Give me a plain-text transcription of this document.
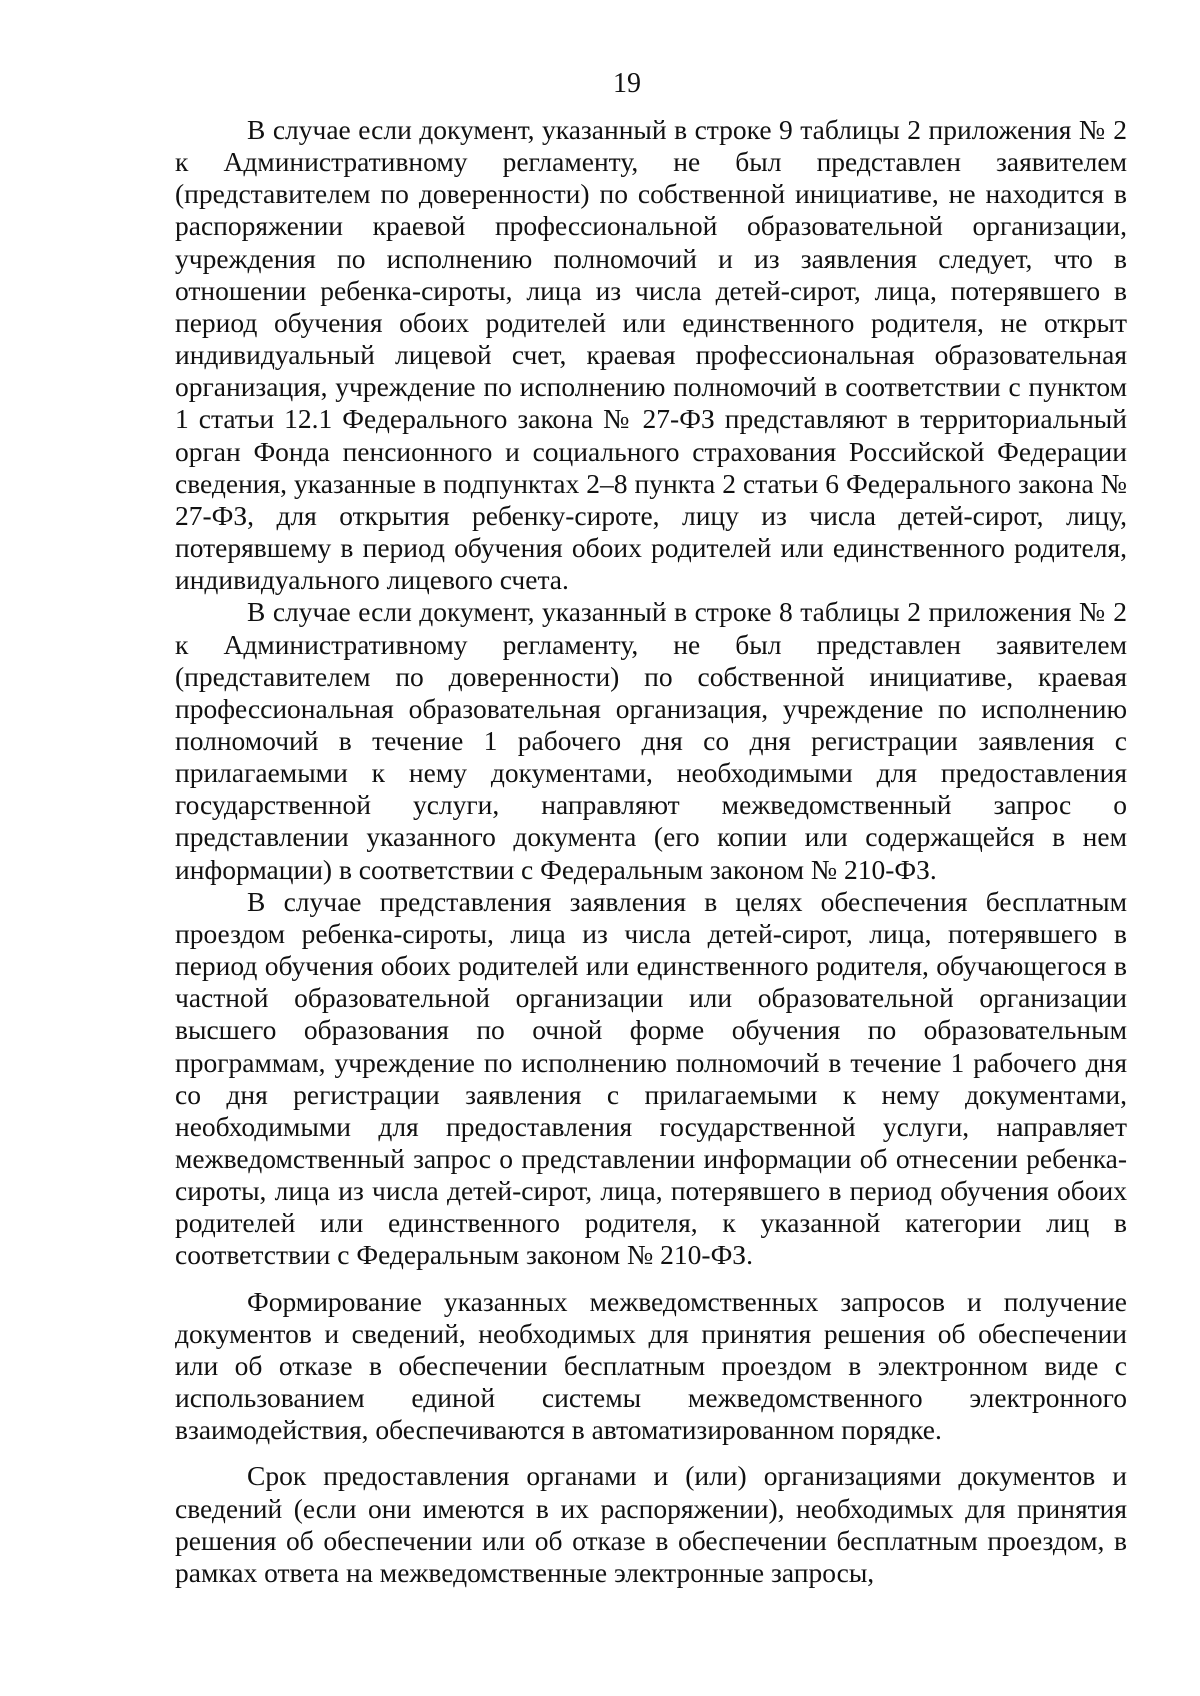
19

В случае если документ, указанный в строке 9 таблицы 2 приложения № 2 к Административному регламенту, не был представлен заявителем (представителем по доверенности) по собственной инициативе, не находится в распоряжении краевой профессиональной образовательной организации, учреждения по исполнению полномочий и из заявления следует, что в отношении ребенка-сироты, лица из числа детей-сирот, лица, потерявшего в период обучения обоих родителей или единственного родителя, не открыт индивидуальный лицевой счет, краевая профессиональная образовательная организация, учреждение по исполнению полномочий в соответствии с пунктом 1 статьи 12.1 Федерального закона № 27-ФЗ представляют в территориальный орган Фонда пенсионного и социального страхования Российской Федерации сведения, указанные в подпунктах 2–8 пункта 2 статьи 6 Федерального закона № 27-ФЗ, для открытия ребенку-сироте, лицу из числа детей-сирот, лицу, потерявшему в период обучения обоих родителей или единственного родителя, индивидуального лицевого счета.

В случае если документ, указанный в строке 8 таблицы 2 приложения № 2 к Административному регламенту, не был представлен заявителем (представителем по доверенности) по собственной инициативе, краевая профессиональная образовательная организация, учреждение по исполнению полномочий в течение 1 рабочего дня со дня регистрации заявления с прилагаемыми к нему документами, необходимыми для предоставления государственной услуги, направляют межведомственный запрос о представлении указанного документа (его копии или содержащейся в нем информации) в соответствии с Федеральным законом № 210-ФЗ.

В случае представления заявления в целях обеспечения бесплатным проездом ребенка-сироты, лица из числа детей-сирот, лица, потерявшего в период обучения обоих родителей или единственного родителя, обучающегося в частной образовательной организации или образовательной организации высшего образования по очной форме обучения по образовательным программам, учреждение по исполнению полномочий в течение 1 рабочего дня со дня регистрации заявления с прилагаемыми к нему документами, необходимыми для предоставления государственной услуги, направляет межведомственный запрос о представлении информации об отнесении ребенка-сироты, лица из числа детей-сирот, лица, потерявшего в период обучения обоих родителей или единственного родителя, к указанной категории лиц в соответствии с Федеральным законом № 210-ФЗ.

Формирование указанных межведомственных запросов и получение документов и сведений, необходимых для принятия решения об обеспечении или об отказе в обеспечении бесплатным проездом в электронном виде с использованием единой системы межведомственного электронного взаимодействия, обеспечиваются в автоматизированном порядке.

Срок предоставления органами и (или) организациями документов и сведений (если они имеются в их распоряжении), необходимых для принятия решения об обеспечении или об отказе в обеспечении бесплатным проездом, в рамках ответа на межведомственные электронные запросы,
